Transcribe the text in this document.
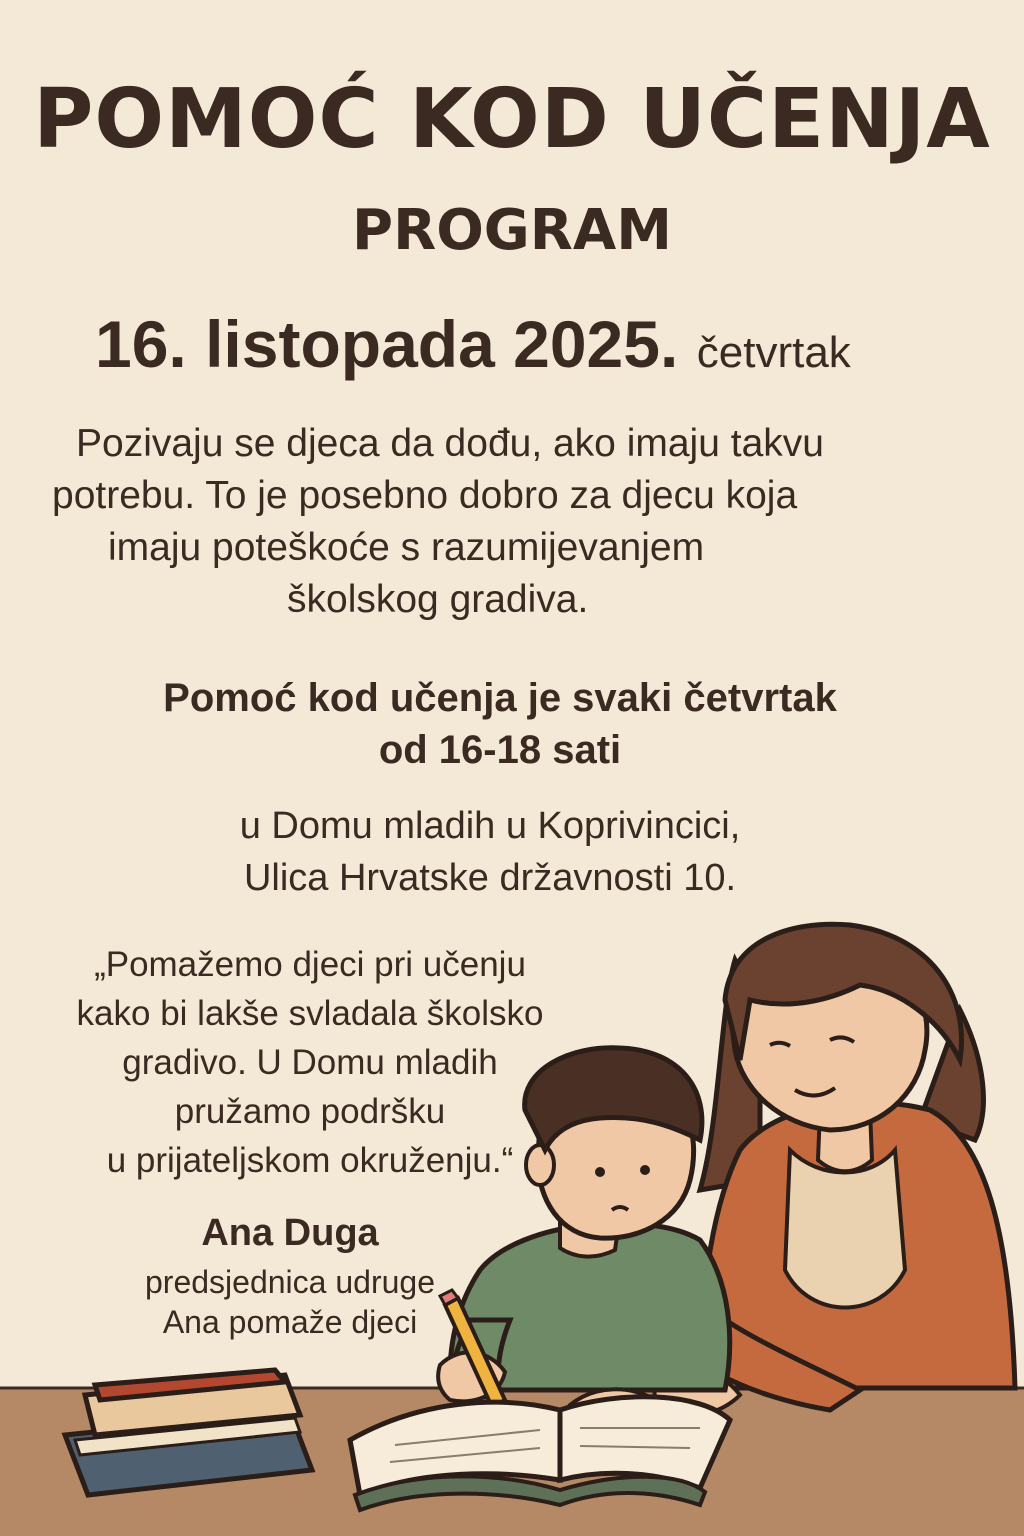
POMOĆ KOD UČENJA
PROGRAM
16. listopada 2025. četvrtak
Pozivaju se djeca da dođu, ako imaju takvu
potrebu. To je posebno dobro za djecu koja
imaju poteškoće s razumijevanjem
školskog gradiva.
Pomoć kod učenja je svaki četvrtak
od 16-18 sati
u Domu mladih u Koprivincici,
Ulica Hrvatske državnosti 10.
„Pomažemo djeci pri učenju
kako bi lakše svladala školsko
gradivo. U Domu mladih
pružamo podršku
u prijateljskom okruženju.“
Ana Duga
predsjednica udruge
Ana pomaže djeci
